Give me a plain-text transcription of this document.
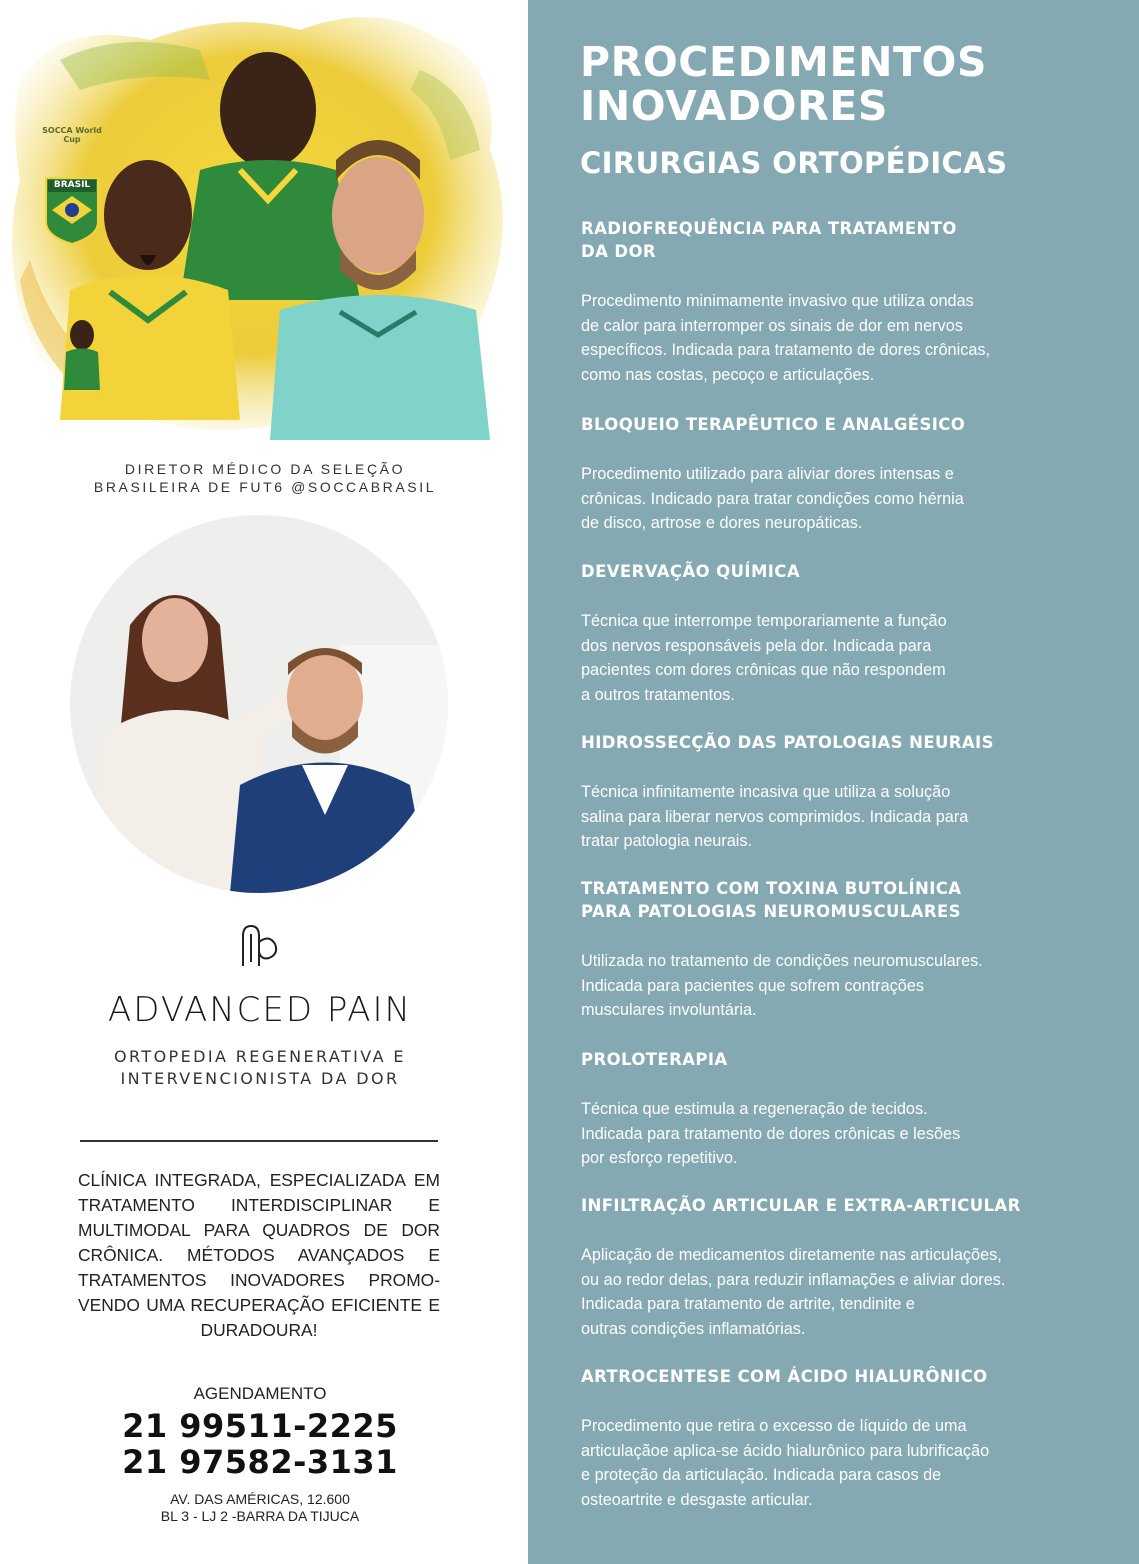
SOCCA World Cup
BRASIL
DIRETOR MÉDICO DA SELEÇÃO
BRASILEIRA DE FUT6 @SOCCABRASIL
ADVANCED PAIN
ORTOPEDIA REGENERATIVA E
INTERVENCIONISTA DA DOR
CLÍNICA INTEGRADA, ESPECIALIZADA EM TRATAMENTO INTERDISCIPLINAR E MULTIMODAL PARA QUADROS DE DOR CRÔNICA. MÉTODOS AVANÇADOS E TRATAMENTOS INOVADORES PROMO-VENDO UMA RECUPERAÇÃO EFICIENTE E DURADOURA!
AGENDAMENTO
21 99511-2225
21 97582-3131
AV. DAS AMÉRICAS, 12.600
BL 3 - LJ 2 -BARRA DA TIJUCA
PROCEDIMENTOS
INOVADORES
CIRURGIAS ORTOPÉDICAS
RADIOFREQUÊNCIA PARA TRATAMENTO
DA DOR
Procedimento minimamente invasivo que utiliza ondas
de calor para interromper os sinais de dor em nervos
específicos. Indicada para tratamento de dores crônicas,
como nas costas, pecoço e articulações.
BLOQUEIO TERAPÊUTICO E ANALGÉSICO
Procedimento utilizado para aliviar dores intensas e
crônicas. Indicado para tratar condições como hérnia
de disco, artrose e dores neuropáticas.
DEVERVAÇÃO QUÍMICA
Técnica que interrompe temporariamente a função
dos nervos responsáveis pela dor. Indicada para
pacientes com dores crônicas que não respondem
a outros tratamentos.
HIDROSSECÇÃO DAS PATOLOGIAS NEURAIS
Técnica infinitamente incasiva que utiliza a solução
salina para liberar nervos comprimidos. Indicada para
tratar patologia neurais.
TRATAMENTO COM TOXINA BUTOLÍNICA
PARA PATOLOGIAS NEUROMUSCULARES
Utilizada no tratamento de condições neuromusculares.
Indicada para pacientes que sofrem contrações
musculares involuntária.
PROLOTERAPIA
Técnica que estimula a regeneração de tecidos.
Indicada para tratamento de dores crônicas e lesões
por esforço repetitivo.
INFILTRAÇÃO ARTICULAR E EXTRA-ARTICULAR
Aplicação de medicamentos diretamente nas articulações,
ou ao redor delas, para reduzir inflamações e aliviar dores.
Indicada para tratamento de artrite, tendinite e
outras condições inflamatórias.
ARTROCENTESE COM ÁCIDO HIALURÔNICO
Procedimento que retira o excesso de líquido de uma
articulaçãoe aplica-se ácido hialurônico para lubrificação
e proteção da articulação. Indicada para casos de
osteoartrite e desgaste articular.
